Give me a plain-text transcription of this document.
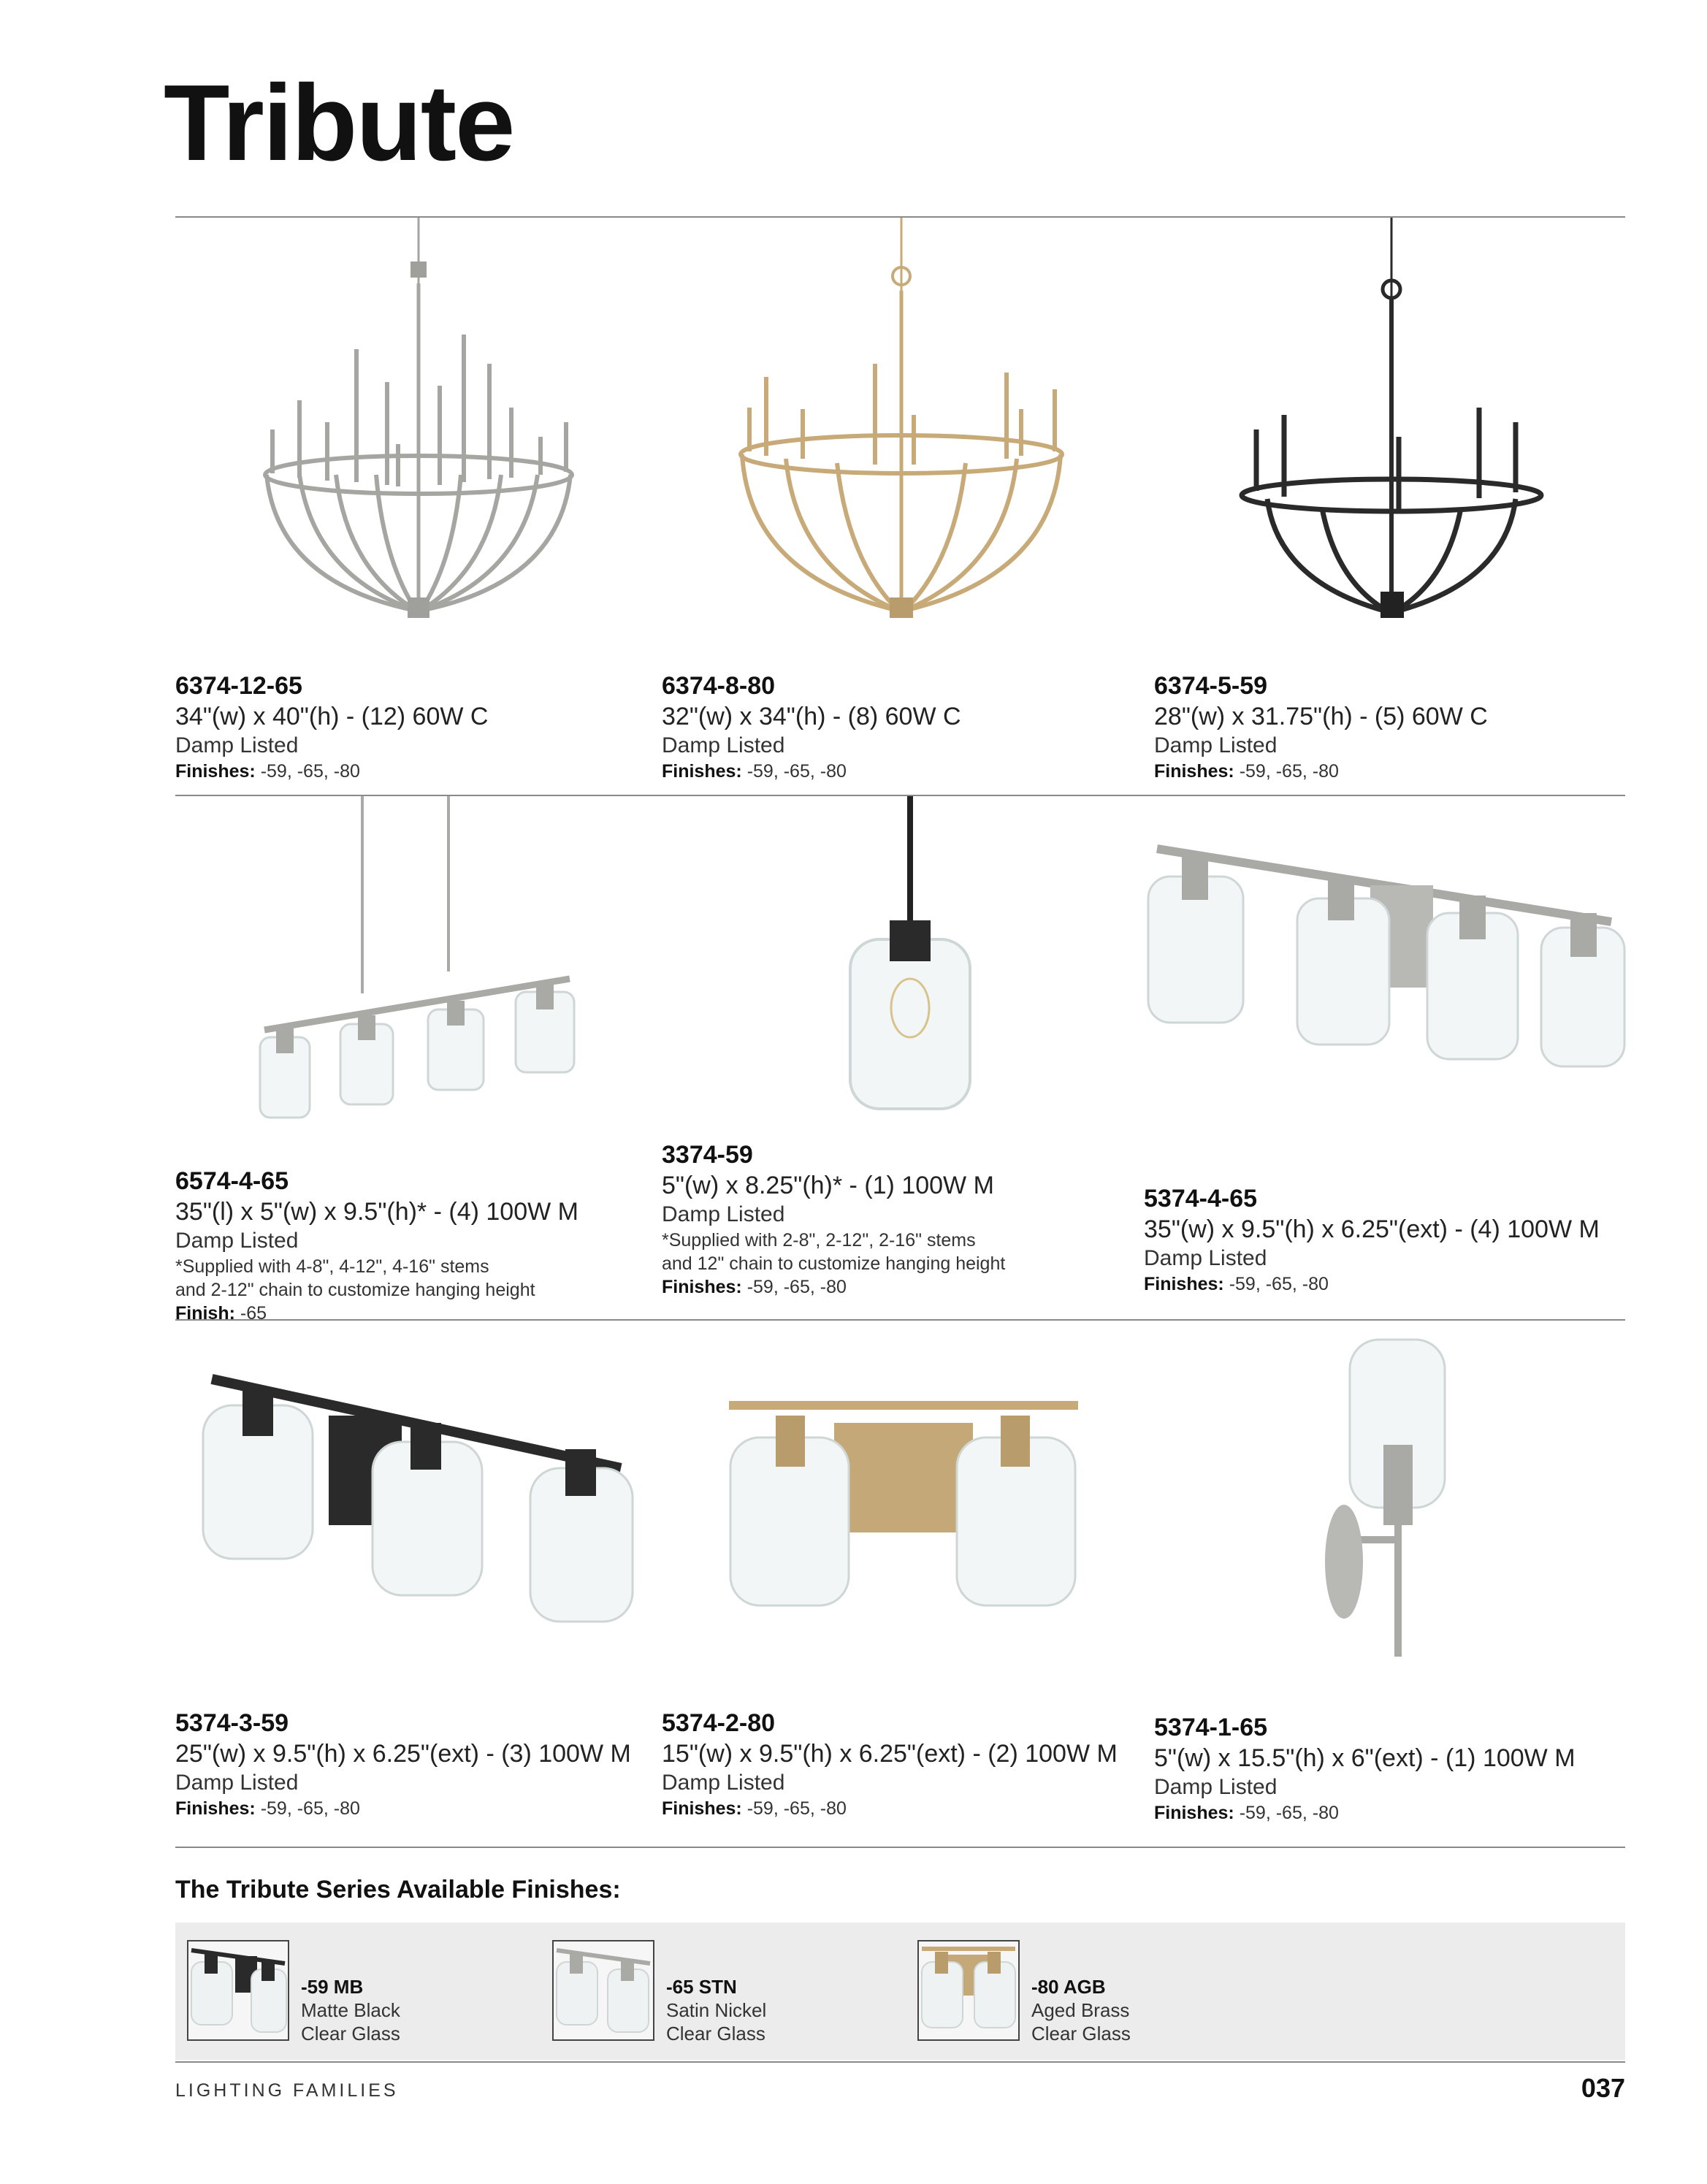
Tribute
6374-12-65
34"(w) x 40"(h) - (12) 60W C
Damp Listed
Finishes: -59, -65, -80
6374-8-80
32"(w) x 34"(h) - (8) 60W C
Damp Listed
Finishes: -59, -65, -80
6374-5-59
28"(w) x 31.75"(h) - (5) 60W C
Damp Listed
Finishes: -59, -65, -80
6574-4-65
35"(l) x 5"(w) x 9.5"(h)* - (4) 100W M
Damp Listed
*Supplied with 4-8", 4-12", 4-16" stems
and 2-12" chain to customize hanging height
Finish: -65
3374-59
5"(w) x 8.25"(h)* - (1) 100W M
Damp Listed
*Supplied with 2-8", 2-12", 2-16" stems
and 12" chain to customize hanging height
Finishes: -59, -65, -80
5374-4-65
35"(w) x 9.5"(h) x 6.25"(ext) - (4) 100W M
Damp Listed
Finishes: -59, -65, -80
5374-3-59
25"(w) x 9.5"(h) x 6.25"(ext) - (3) 100W M
Damp Listed
Finishes: -59, -65, -80
5374-2-80
15"(w) x 9.5"(h) x 6.25"(ext) - (2) 100W M
Damp Listed
Finishes: -59, -65, -80
5374-1-65
5"(w) x 15.5"(h) x 6"(ext) - (1) 100W M
Damp Listed
Finishes: -59, -65, -80
The Tribute Series Available Finishes:
-59 MB
Matte Black
Clear Glass
-65 STN
Satin Nickel
Clear Glass
-80 AGB
Aged Brass
Clear Glass
LIGHTING FAMILIES	037
